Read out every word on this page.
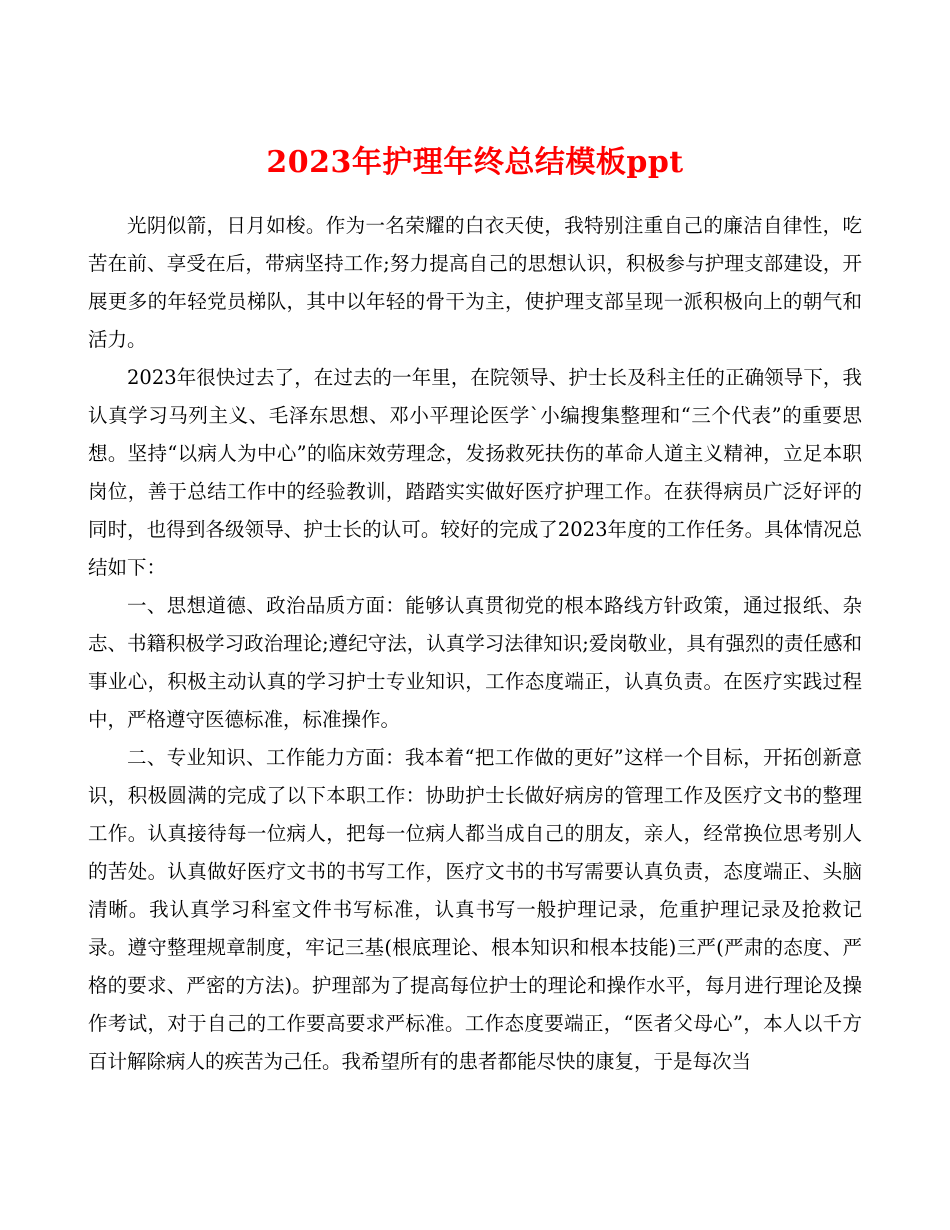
2023年护理年终总结模板ppt

光阴似箭，日月如梭。作为一名荣耀的白衣天使，我特别注重自己的廉洁自律性，吃苦在前、享受在后，带病坚持工作;努力提高自己的思想认识，积极参与护理支部建设，开展更多的年轻党员梯队，其中以年轻的骨干为主，使护理支部呈现一派积极向上的朝气和活力。

2023年很快过去了，在过去的一年里，在院领导、护士长及科主任的正确领导下，我认真学习马列主义、毛泽东思想、邓小平理论医学`小编搜集整理和“三个代表”的重要思想。坚持“以病人为中心”的临床效劳理念，发扬救死扶伤的革命人道主义精神，立足本职岗位，善于总结工作中的经验教训，踏踏实实做好医疗护理工作。在获得病员广泛好评的同时，也得到各级领导、护士长的认可。较好的完成了2023年度的工作任务。具体情况总结如下：

一、思想道德、政治品质方面：能够认真贯彻党的根本路线方针政策，通过报纸、杂志、书籍积极学习政治理论;遵纪守法，认真学习法律知识;爱岗敬业，具有强烈的责任感和事业心，积极主动认真的学习护士专业知识，工作态度端正，认真负责。在医疗实践过程中，严格遵守医德标准，标准操作。

二、专业知识、工作能力方面：我本着“把工作做的更好”这样一个目标，开拓创新意识，积极圆满的完成了以下本职工作：协助护士长做好病房的管理工作及医疗文书的整理工作。认真接待每一位病人，把每一位病人都当成自己的朋友，亲人，经常换位思考别人的苦处。认真做好医疗文书的书写工作，医疗文书的书写需要认真负责，态度端正、头脑清晰。我认真学习科室文件书写标准，认真书写一般护理记录，危重护理记录及抢救记录。遵守整理规章制度，牢记三基(根底理论、根本知识和根本技能)三严(严肃的态度、严格的要求、严密的方法)。护理部为了提高每位护士的理论和操作水平，每月进行理论及操作考试，对于自己的工作要高要求严标准。工作态度要端正，“医者父母心”，本人以千方百计解除病人的疾苦为己任。我希望所有的患者都能尽快的康复，于是每次当
